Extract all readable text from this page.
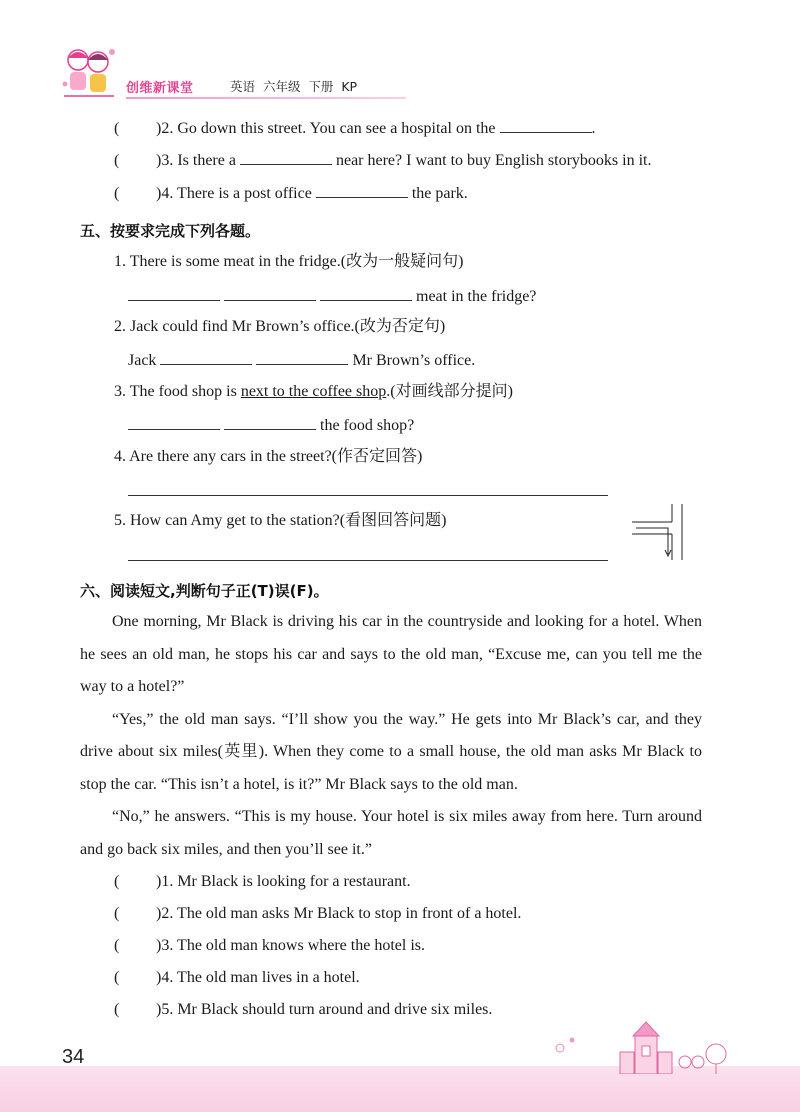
创维新课堂	英语  六年级  下册  KP
( )2. Go down this street. You can see a hospital on the	.
( )3. Is there a	near here? I want to buy English storybooks in it.
( )4. There is a post office	the park.
五、按要求完成下列各题。
1. There is some meat in the fridge.(改为一般疑问句)
meat in the fridge?
2. Jack could find Mr Brown’s office.(改为否定句)
Jack	Mr Brown’s office.
3. The food shop is next to the coffee shop.(对画线部分提问)
the food shop?
4. Are there any cars in the street?(作否定回答)
5. How can Amy get to the station?(看图回答问题)
六、阅读短文,判断句子正(T)误(F)。

One morning, Mr Black is driving his car in the countryside and looking for a hotel. When he sees an old man, he stops his car and says to the old man, “Excuse me, can you tell me the way to a hotel?”

“Yes,” the old man says. “I’ll show you the way.” He gets into Mr Black’s car, and they drive about six miles(英里). When they come to a small house, the old man asks Mr Black to stop the car. “This isn’t a hotel, is it?” Mr Black says to the old man.

“No,” he answers. “This is my house. Your hotel is six miles away from here. Turn around and go back six miles, and then you’ll see it.”

( )1. Mr Black is looking for a restaurant.
( )2. The old man asks Mr Black to stop in front of a hotel.
( )3. The old man knows where the hotel is.
( )4. The old man lives in a hotel.
( )5. Mr Black should turn around and drive six miles.
34
